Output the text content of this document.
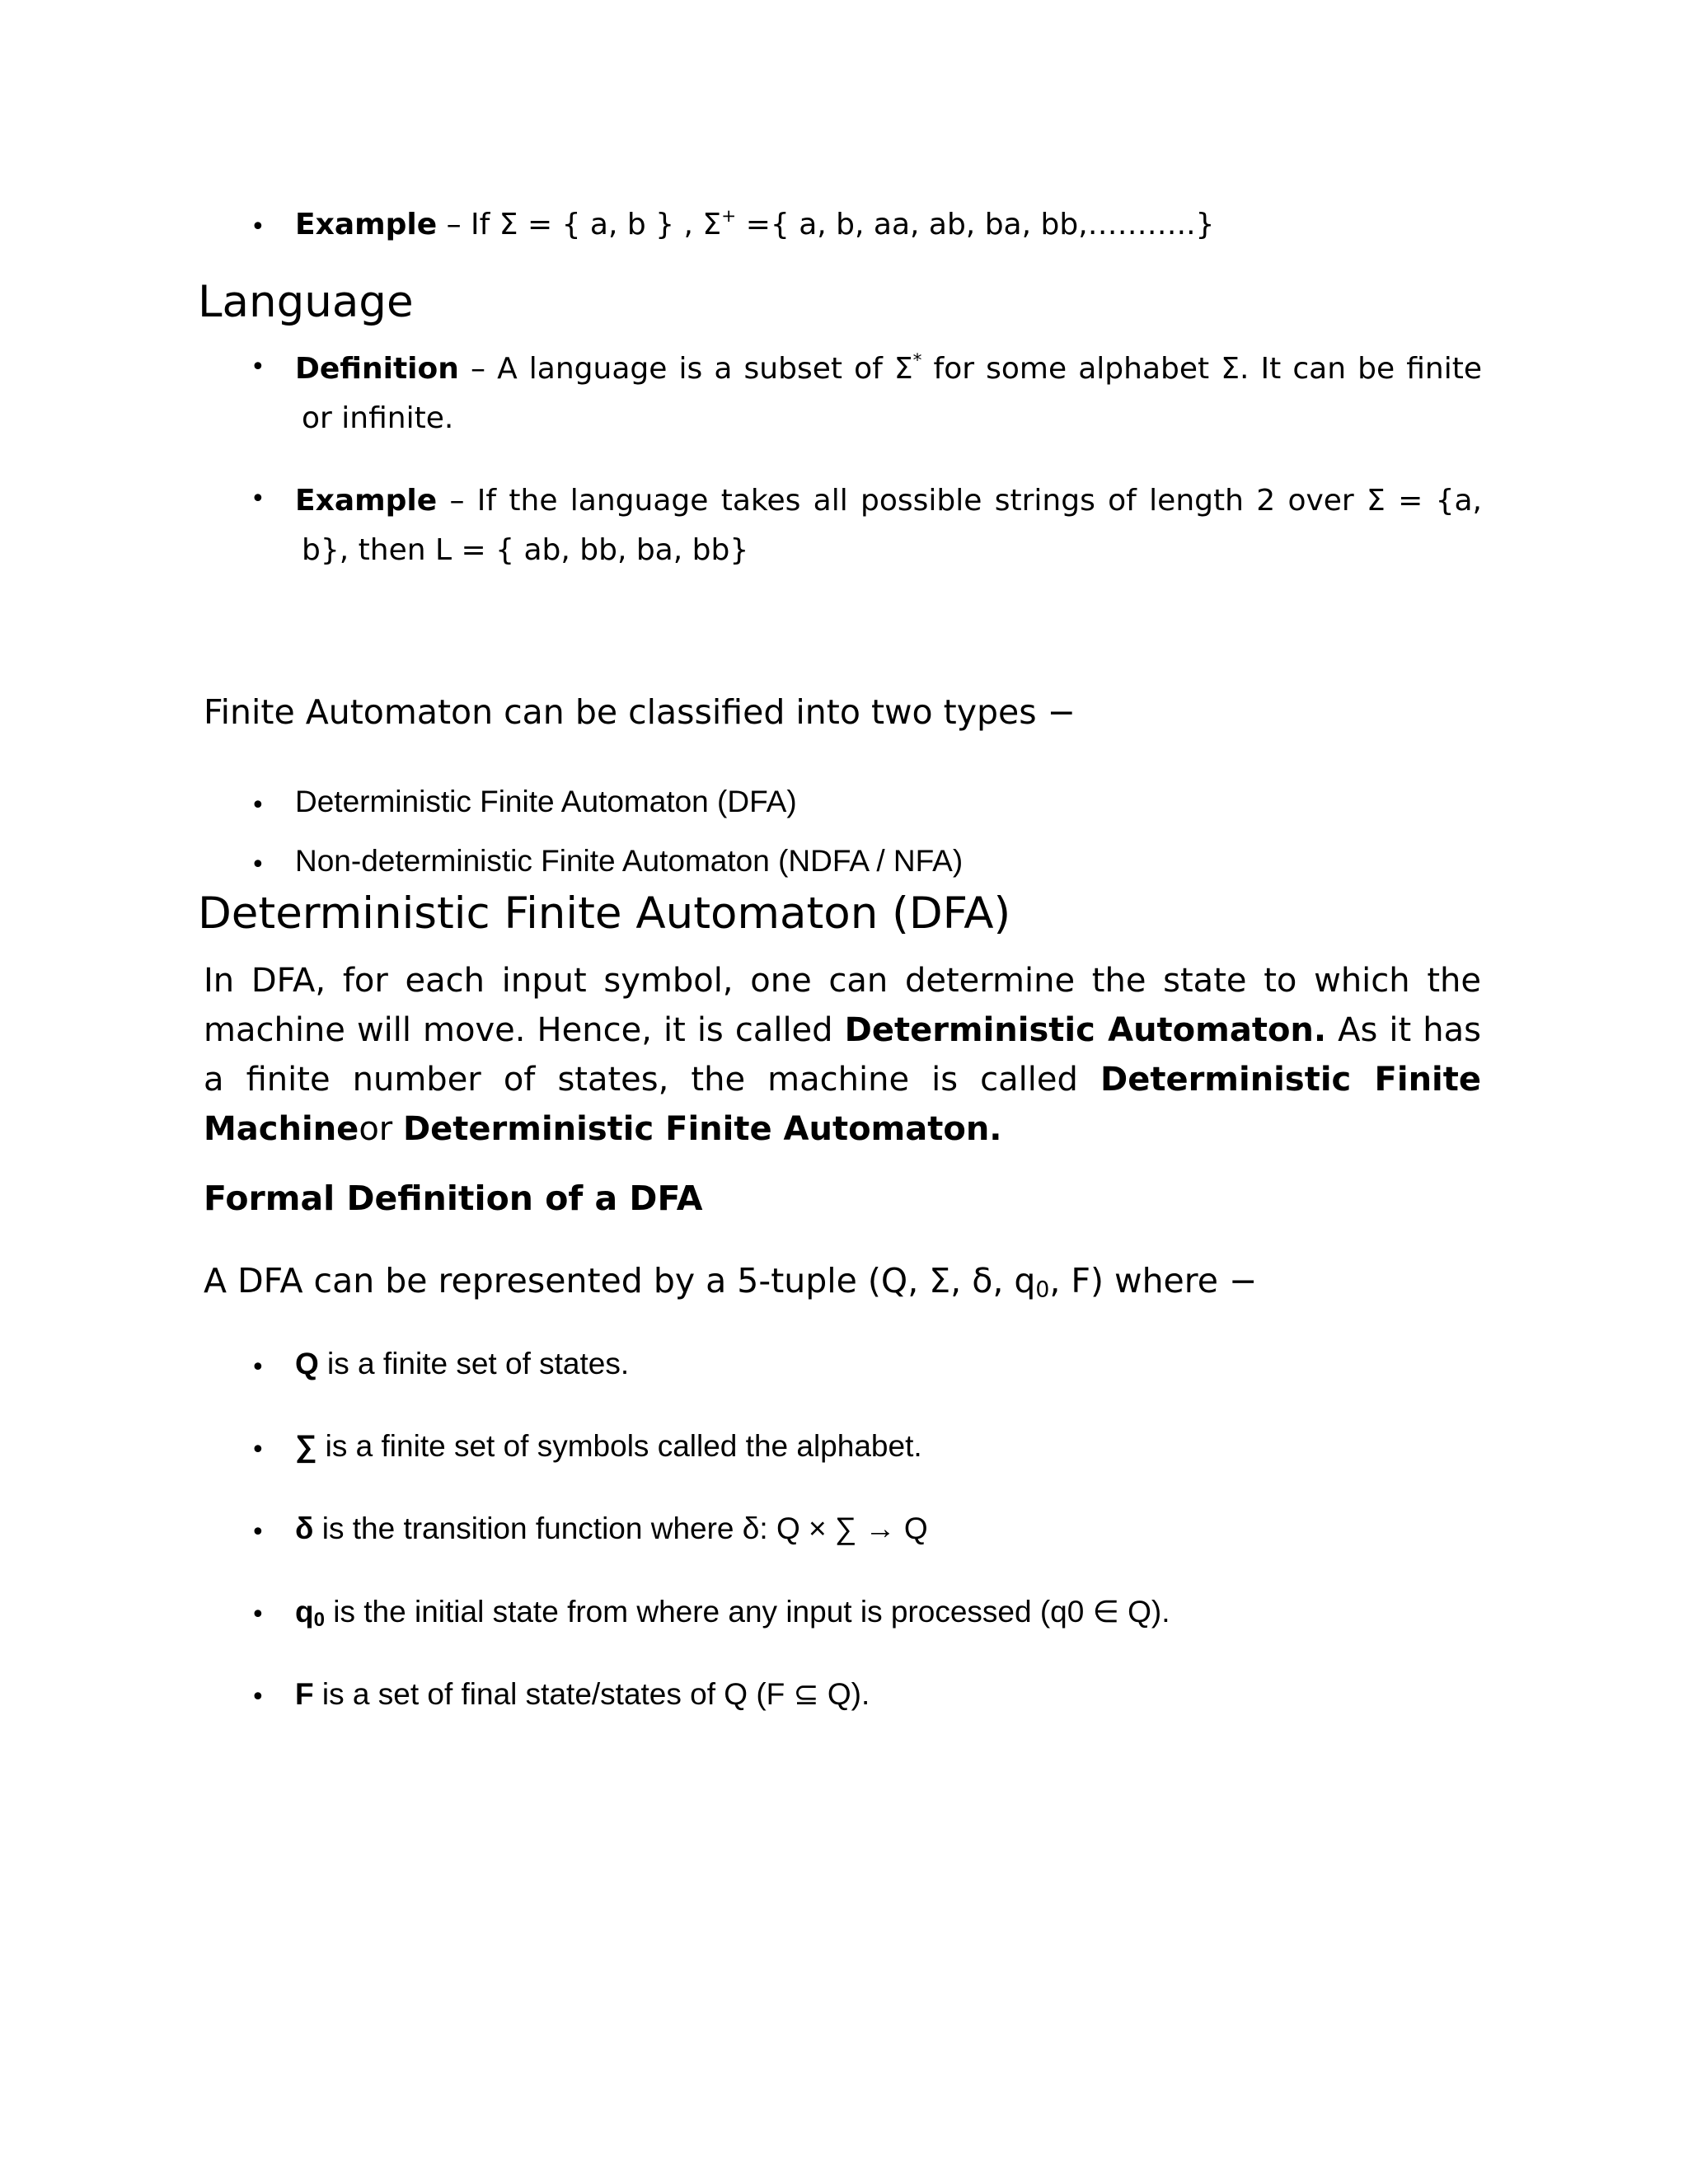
• Example – If Σ = { a, b } , Σ+ ={ a, b, aa, ab, ba, bb,………..}
Language
• Definition – A language is a subset of Σ* for some alphabet Σ. It can be finite
or infinite.
• Example – If the language takes all possible strings of length 2 over Σ = {a,
b}, then L = { ab, bb, ba, bb}
Finite Automaton can be classified into two types −
• Deterministic Finite Automaton (DFA)
• Non-deterministic Finite Automaton (NDFA / NFA)
Deterministic Finite Automaton (DFA)
In DFA, for each input symbol, one can determine the state to which the
machine will move. Hence, it is called Deterministic Automaton. As it has
a finite number of states, the machine is called Deterministic Finite
Machineor Deterministic Finite Automaton.
Formal Definition of a DFA
A DFA can be represented by a 5-tuple (Q, Σ, δ, $q_0$, F) where −
• Q is a finite set of states.
• ∑ is a finite set of symbols called the alphabet.
• δ is the transition function where δ: Q × ∑ → Q
• $q_0$ is the initial state from where any input is processed (q0 ∈ Q).
• F is a set of final state/states of Q (F ⊆ Q).
